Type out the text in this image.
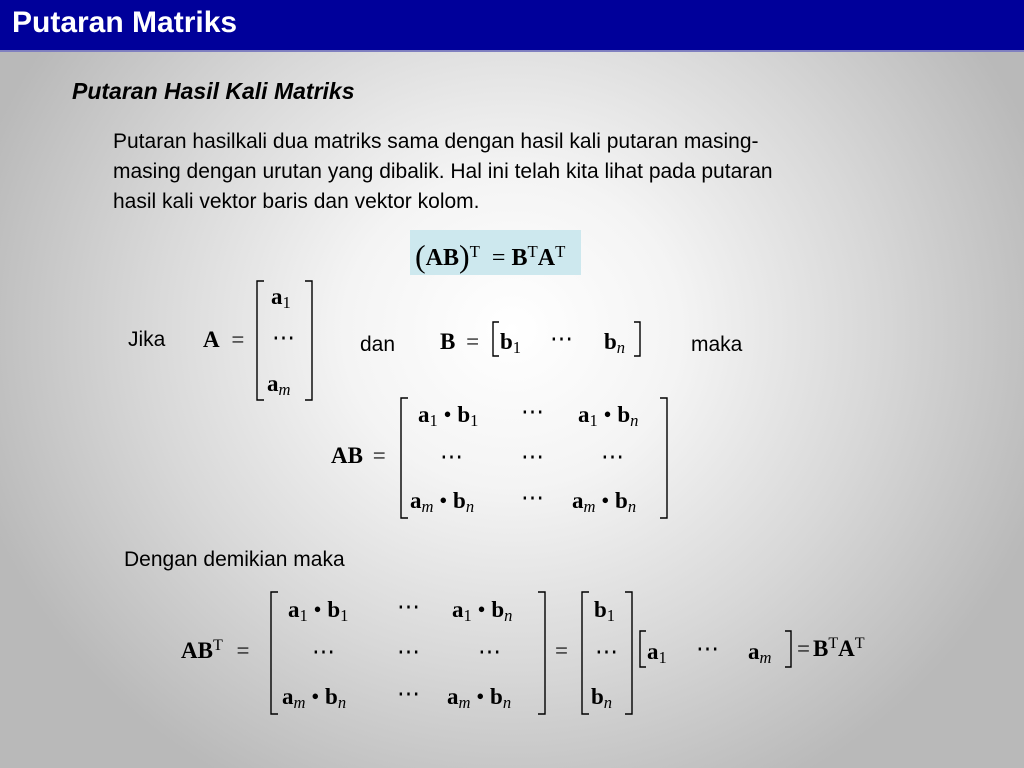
Putaran Matriks
Putaran Hasil Kali Matriks
Putaran hasilkali dua matriks sama dengan hasil kali putaran masing-
masing dengan urutan yang dibalik. Hal ini telah kita lihat pada putaran
hasil kali vektor baris dan vektor kolom.
$(AB)^T = B^TA^T$
Jika A =
a1
⋯
am
dan B = b1 ⋯ bn	maka
AB =
a1 • b1 ⋯ a1 • bn
⋯	⋯ ⋯
am • bn ⋯ am • bn
Dengan demikian maka
$AB^T$ =
a1 • b1 ⋯ a1 • bn
⋯	⋯	⋯
am • bn ⋯ am • bn
=
b1
⋯
bn
a1 ⋯ am = $B^TA^T$
